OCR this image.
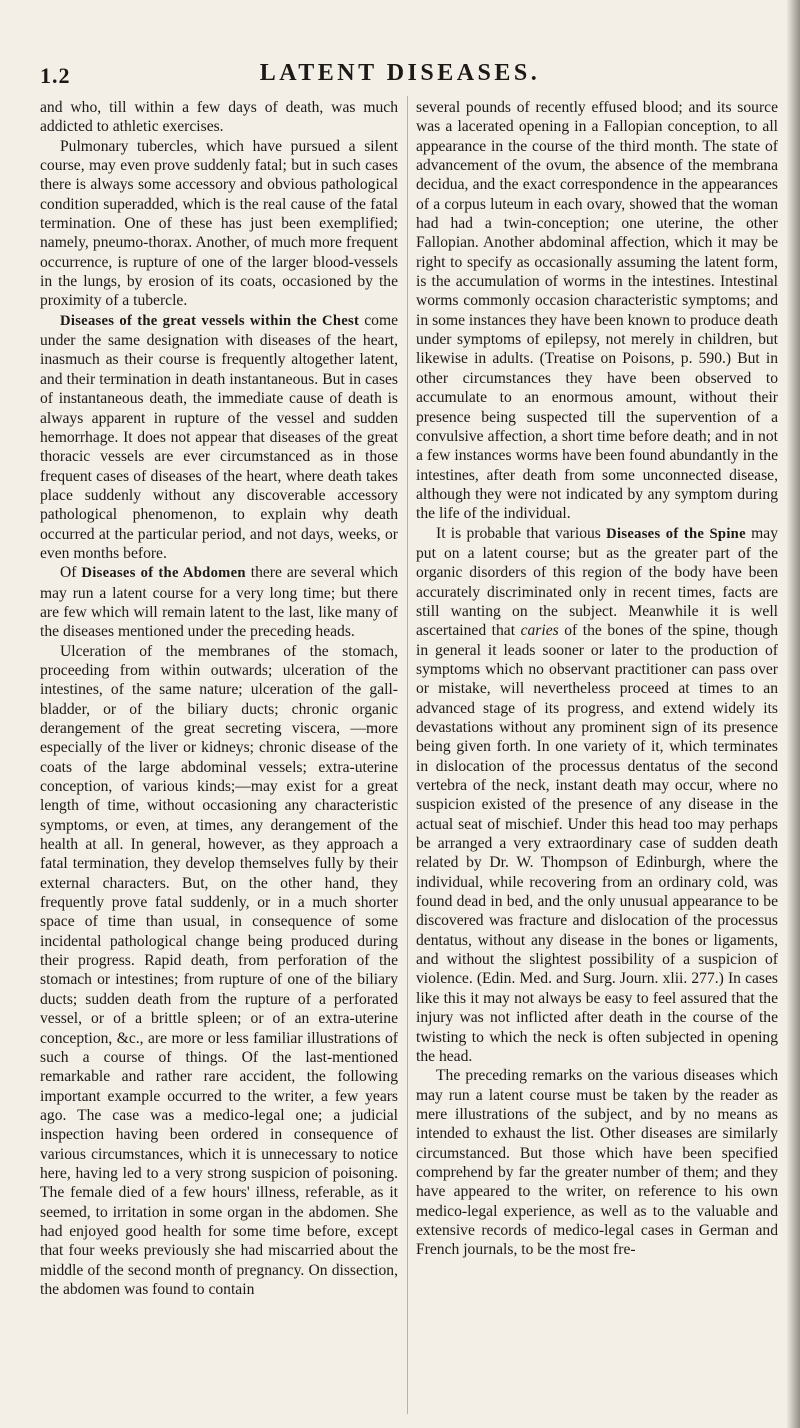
1.2	LATENT DISEASES.

and who, till within a few days of death, was much addicted to athletic exercises.

Pulmonary tubercles, which have pursued a silent course, may even prove suddenly fatal; but in such cases there is always some accessory and obvious pathological condition superadded, which is the real cause of the fatal termination. One of these has just been exemplified; namely, pneumo-thorax. Another, of much more frequent occurrence, is rupture of one of the larger blood-vessels in the lungs, by erosion of its coats, occasioned by the proximity of a tubercle.

Diseases of the great vessels within the Chest come under the same designation with diseases of the heart, inasmuch as their course is frequently altogether latent, and their termination in death instantaneous. But in cases of instantaneous death, the immediate cause of death is always apparent in rupture of the vessel and sudden hemorrhage. It does not appear that diseases of the great thoracic vessels are ever circumstanced as in those frequent cases of diseases of the heart, where death takes place suddenly without any discoverable accessory pathological phenomenon, to explain why death occurred at the particular period, and not days, weeks, or even months before.

Of Diseases of the Abdomen there are several which may run a latent course for a very long time; but there are few which will remain latent to the last, like many of the diseases mentioned under the preceding heads.

Ulceration of the membranes of the stomach, proceeding from within outwards; ulceration of the intestines, of the same nature; ulceration of the gall-bladder, or of the biliary ducts; chronic organic derangement of the great secreting viscera, —more especially of the liver or kidneys; chronic disease of the coats of the large abdominal vessels; extra-uterine conception, of various kinds;—may exist for a great length of time, without occasioning any characteristic symptoms, or even, at times, any derangement of the health at all. In general, however, as they approach a fatal termination, they develop themselves fully by their external characters. But, on the other hand, they frequently prove fatal suddenly, or in a much shorter space of time than usual, in consequence of some incidental pathological change being produced during their progress. Rapid death, from perforation of the stomach or intestines; from rupture of one of the biliary ducts; sudden death from the rupture of a perforated vessel, or of a brittle spleen; or of an extra-uterine conception, &c., are more or less familiar illustrations of such a course of things. Of the last-mentioned remarkable and rather rare accident, the following important example occurred to the writer, a few years ago. The case was a medico-legal one; a judicial inspection having been ordered in consequence of various circumstances, which it is unnecessary to notice here, having led to a very strong suspicion of poisoning. The female died of a few hours' illness, referable, as it seemed, to irritation in some organ in the abdomen. She had enjoyed good health for some time before, except that four weeks previously she had miscarried about the middle of the second month of pregnancy. On dissection, the abdomen was found to contain

several pounds of recently effused blood; and its source was a lacerated opening in a Fallopian conception, to all appearance in the course of the third month. The state of advancement of the ovum, the absence of the membrana decidua, and the exact correspondence in the appearances of a corpus luteum in each ovary, showed that the woman had had a twin-conception; one uterine, the other Fallopian. Another abdominal affection, which it may be right to specify as occasionally assuming the latent form, is the accumulation of worms in the intestines. Intestinal worms commonly occasion characteristic symptoms; and in some instances they have been known to produce death under symptoms of epilepsy, not merely in children, but likewise in adults. (Treatise on Poisons, p. 590.) But in other circumstances they have been observed to accumulate to an enormous amount, without their presence being suspected till the supervention of a convulsive affection, a short time before death; and in not a few instances worms have been found abundantly in the intestines, after death from some unconnected disease, although they were not indicated by any symptom during the life of the individual.

It is probable that various Diseases of the Spine may put on a latent course; but as the greater part of the organic disorders of this region of the body have been accurately discriminated only in recent times, facts are still wanting on the subject. Meanwhile it is well ascertained that caries of the bones of the spine, though in general it leads sooner or later to the production of symptoms which no observant practitioner can pass over or mistake, will nevertheless proceed at times to an advanced stage of its progress, and extend widely its devastations without any prominent sign of its presence being given forth. In one variety of it, which terminates in dislocation of the processus dentatus of the second vertebra of the neck, instant death may occur, where no suspicion existed of the presence of any disease in the actual seat of mischief. Under this head too may perhaps be arranged a very extraordinary case of sudden death related by Dr. W. Thompson of Edinburgh, where the individual, while recovering from an ordinary cold, was found dead in bed, and the only unusual appearance to be discovered was fracture and dislocation of the processus dentatus, without any disease in the bones or ligaments, and without the slightest possibility of a suspicion of violence. (Edin. Med. and Surg. Journ. xlii. 277.) In cases like this it may not always be easy to feel assured that the injury was not inflicted after death in the course of the twisting to which the neck is often subjected in opening the head.

The preceding remarks on the various diseases which may run a latent course must be taken by the reader as mere illustrations of the subject, and by no means as intended to exhaust the list. Other diseases are similarly circumstanced. But those which have been specified comprehend by far the greater number of them; and they have appeared to the writer, on reference to his own medico-legal experience, as well as to the valuable and extensive records of medico-legal cases in German and French journals, to be the most fre-
